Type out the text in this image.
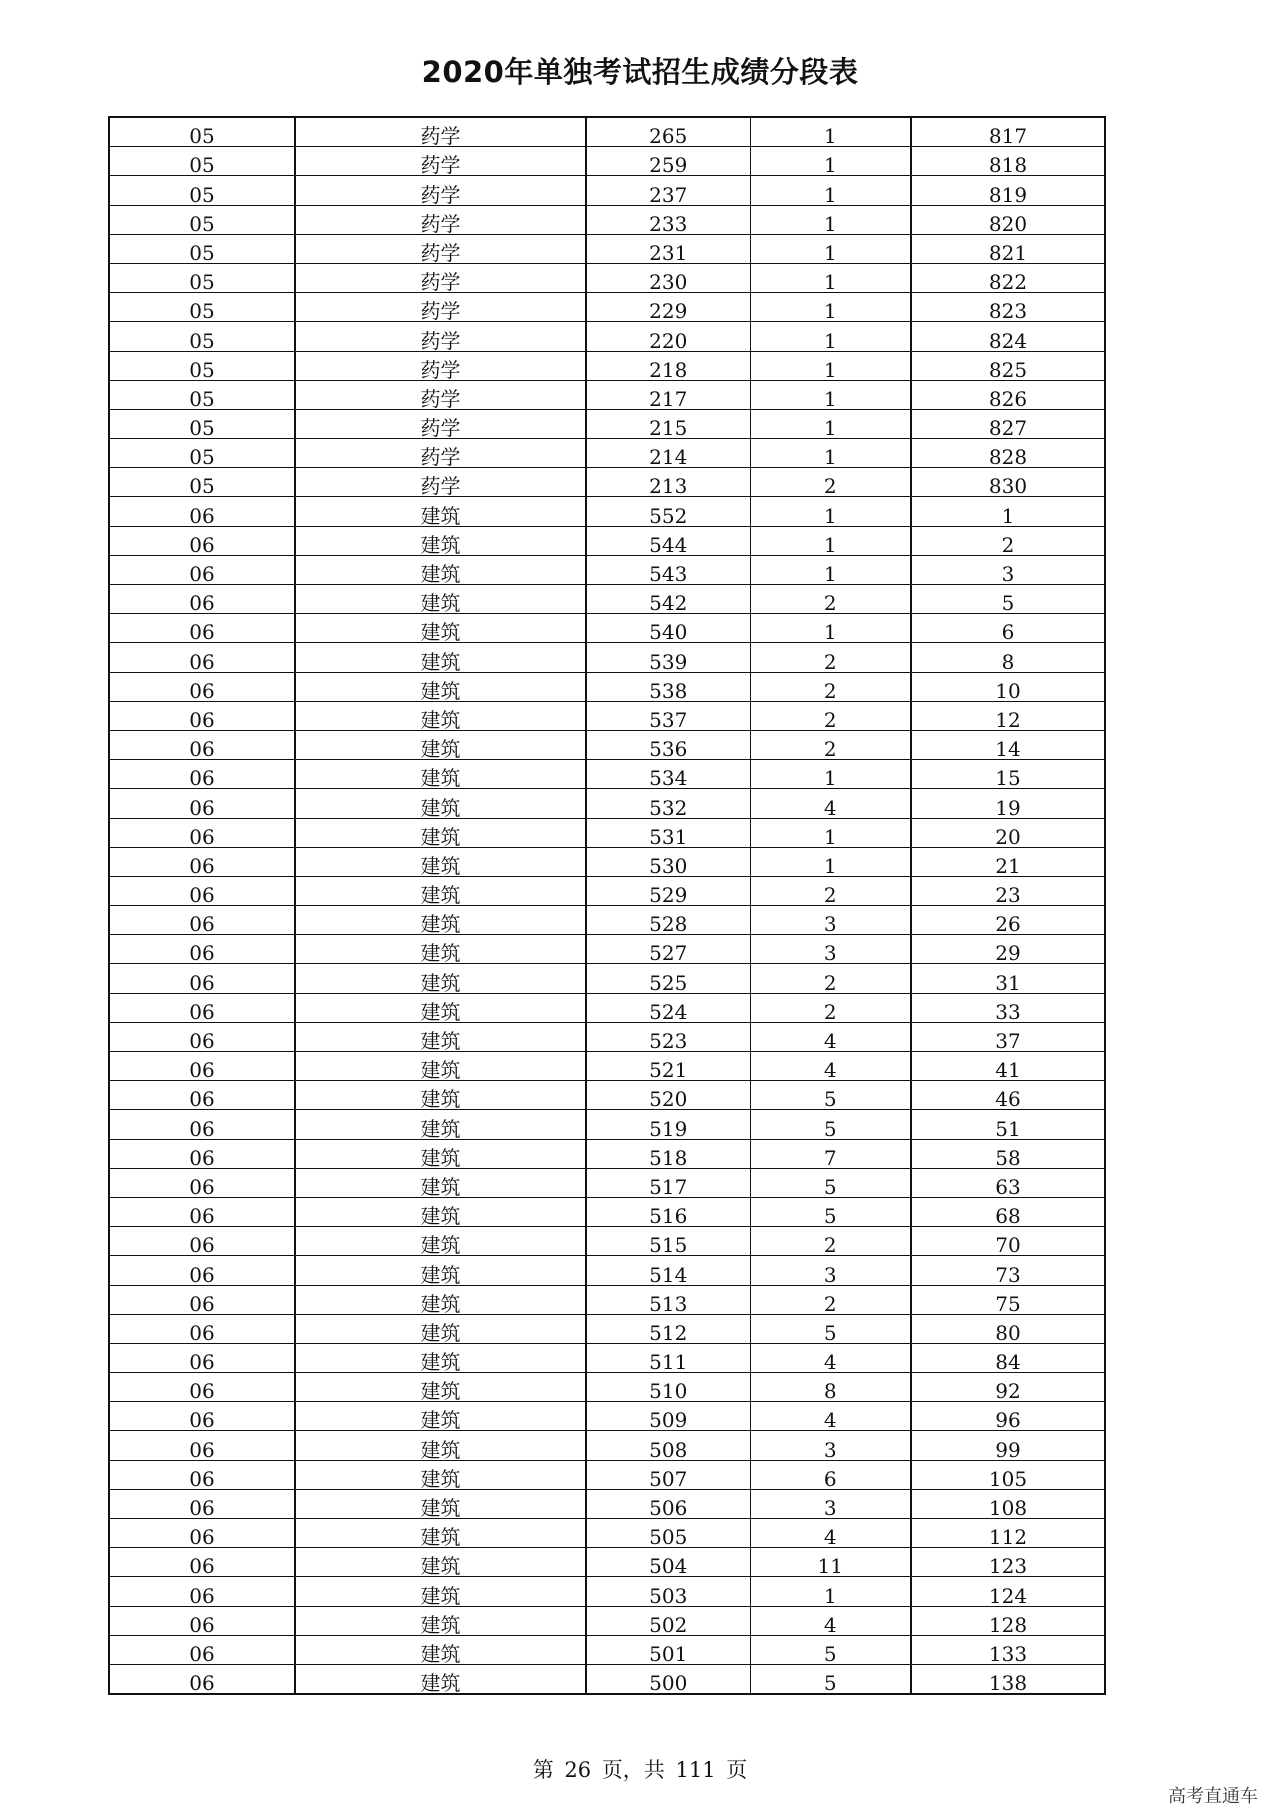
2020年单独考试招生成绩分段表
05	药学	265	1	817
05	药学	259	1	818
05	药学	237	1	819
05	药学	233	1	820
05	药学	231	1	821
05	药学	230	1	822
05	药学	229	1	823
05	药学	220	1	824
05	药学	218	1	825
05	药学	217	1	826
05	药学	215	1	827
05	药学	214	1	828
05	药学	213	2	830
06	建筑	552	1	1
06	建筑	544	1	2
06	建筑	543	1	3
06	建筑	542	2	5
06	建筑	540	1	6
06	建筑	539	2	8
06	建筑	538	2	10
06	建筑	537	2	12
06	建筑	536	2	14
06	建筑	534	1	15
06	建筑	532	4	19
06	建筑	531	1	20
06	建筑	530	1	21
06	建筑	529	2	23
06	建筑	528	3	26
06	建筑	527	3	29
06	建筑	525	2	31
06	建筑	524	2	33
06	建筑	523	4	37
06	建筑	521	4	41
06	建筑	520	5	46
06	建筑	519	5	51
06	建筑	518	7	58
06	建筑	517	5	63
06	建筑	516	5	68
06	建筑	515	2	70
06	建筑	514	3	73
06	建筑	513	2	75
06	建筑	512	5	80
06	建筑	511	4	84
06	建筑	510	8	92
06	建筑	509	4	96
06	建筑	508	3	99
06	建筑	507	6	105
06	建筑	506	3	108
06	建筑	505	4	112
06	建筑	504	11	123
06	建筑	503	1	124
06	建筑	502	4	128
06	建筑	501	5	133
06	建筑	500	5	138
第 26 页，共 111 页
高考直通车
